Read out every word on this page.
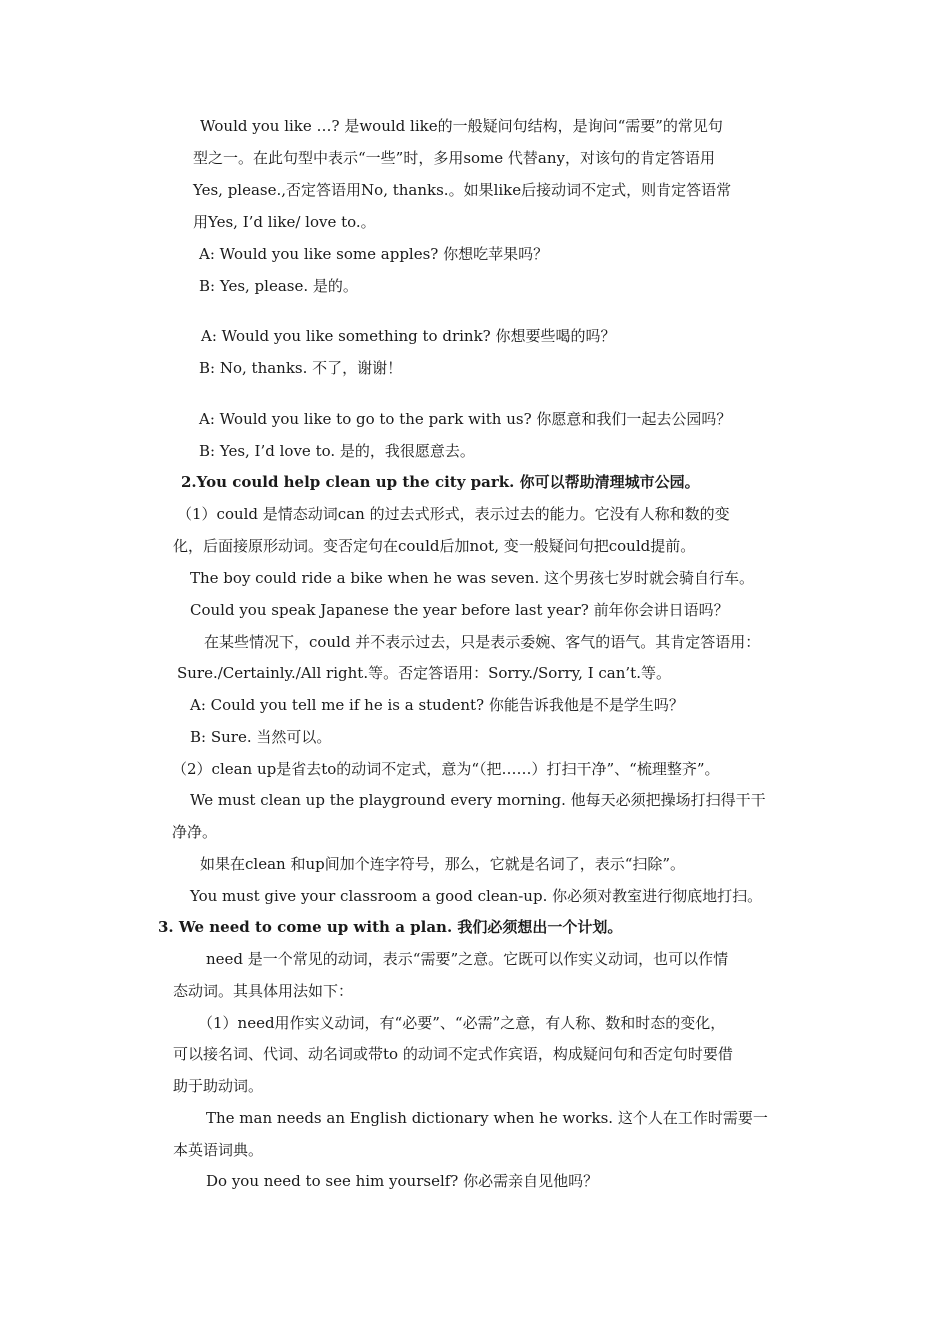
Would you like …? 是would like的一般疑问句结构，是询问“需要”的常见句
型之一。在此句型中表示“一些”时，多用some 代替any，对该句的肯定答语用
Yes, please.,否定答语用No, thanks.。如果like后接动词不定式，则肯定答语常
用Yes, I’d like/ love to.。
A: Would you like some apples? 你想吃苹果吗？
B: Yes, please. 是的。
A: Would you like something to drink? 你想要些喝的吗？
B: No, thanks. 不了，谢谢！
A: Would you like to go to the park with us? 你愿意和我们一起去公园吗？
B: Yes, I’d love to. 是的，我很愿意去。
2.You could help clean up the city park. 你可以帮助清理城市公园。
（1）could 是情态动词can 的过去式形式，表示过去的能力。它没有人称和数的变
化，后面接原形动词。变否定句在could后加not, 变一般疑问句把could提前。
The boy could ride a bike when he was seven. 这个男孩七岁时就会骑自行车。
Could you speak Japanese the year before last year? 前年你会讲日语吗？
在某些情况下，could 并不表示过去，只是表示委婉、客气的语气。其肯定答语用：
Sure./Certainly./All right.等。否定答语用：Sorry./Sorry, I can’t.等。
A: Could you tell me if he is a student? 你能告诉我他是不是学生吗？
B: Sure. 当然可以。
（2）clean up是省去to的动词不定式，意为“（把……）打扫干净”、“梳理整齐”。
We must clean up the playground every morning. 他每天必须把操场打扫得干干
净净。
如果在clean 和up间加个连字符号，那么，它就是名词了，表示“扫除”。
You must give your classroom a good clean-up. 你必须对教室进行彻底地打扫。
3. We need to come up with a plan. 我们必须想出一个计划。
need 是一个常见的动词，表示“需要”之意。它既可以作实义动词，也可以作情
态动词。其具体用法如下：
（1）need用作实义动词，有“必要”、“必需”之意，有人称、数和时态的变化，
可以接名词、代词、动名词或带to 的动词不定式作宾语，构成疑问句和否定句时要借
助于助动词。
The man needs an English dictionary when he works. 这个人在工作时需要一
本英语词典。
Do you need to see him yourself? 你必需亲自见他吗？
